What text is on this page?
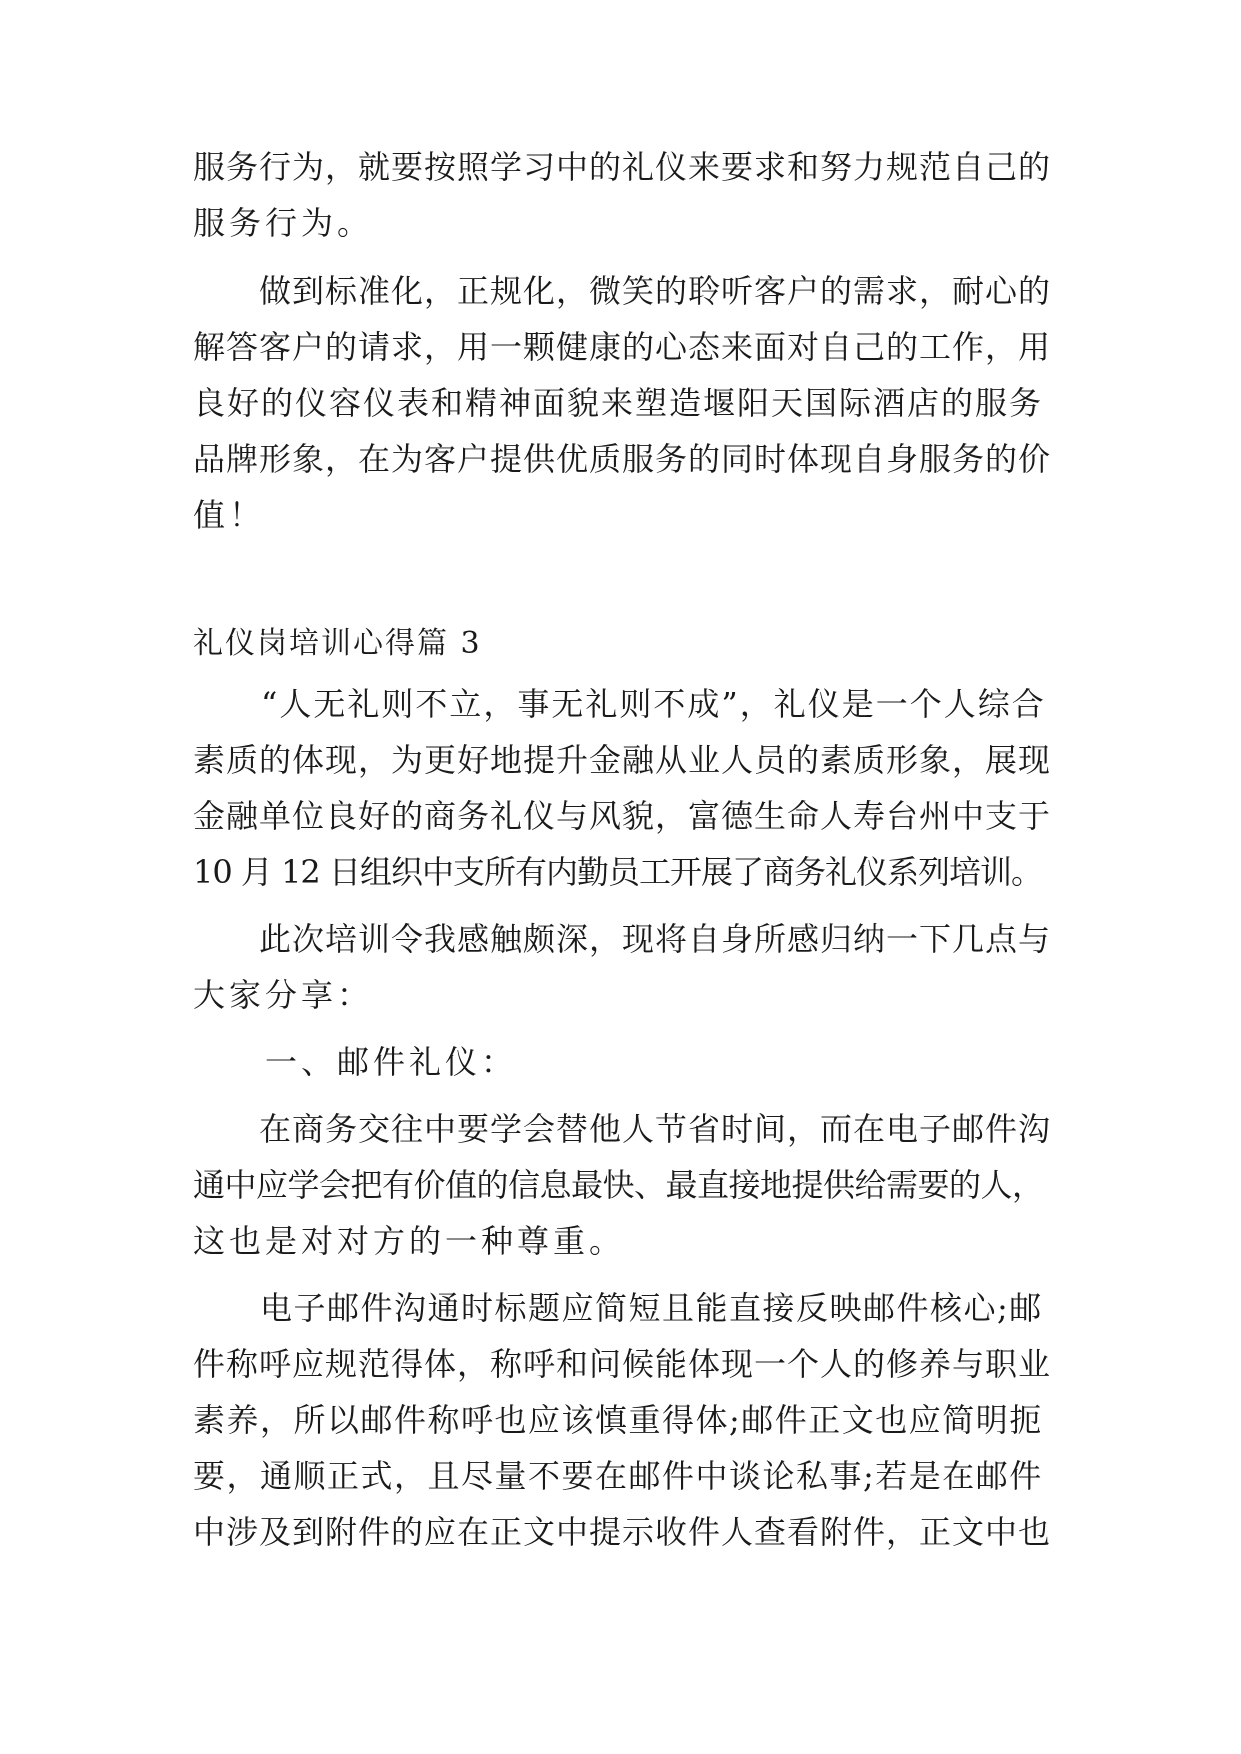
服务行为，就要按照学习中的礼仪来要求和努力规范自己的
服务行为。
　　做到标准化，正规化，微笑的聆听客户的需求，耐心的
解答客户的请求，用一颗健康的心态来面对自己的工作，用
良好的仪容仪表和精神面貌来塑造堰阳天国际酒店的服务
品牌形象，在为客户提供优质服务的同时体现自身服务的价
值！
礼仪岗培训心得篇 3
　　“人无礼则不立，事无礼则不成”，礼仪是一个人综合
素质的体现，为更好地提升金融从业人员的素质形象，展现
金融单位良好的商务礼仪与风貌，富德生命人寿台州中支于
10 月 12 日组织中支所有内勤员工开展了商务礼仪系列培训。
　　此次培训令我感触颇深，现将自身所感归纳一下几点与
大家分享：
　　一、邮件礼仪：
　　在商务交往中要学会替他人节省时间，而在电子邮件沟
通中应学会把有价值的信息最快、最直接地提供给需要的人，
这也是对对方的一种尊重。
　　电子邮件沟通时标题应简短且能直接反映邮件核心;邮
件称呼应规范得体，称呼和问候能体现一个人的修养与职业
素养，所以邮件称呼也应该慎重得体;邮件正文也应简明扼
要，通顺正式，且尽量不要在邮件中谈论私事;若是在邮件
中涉及到附件的应在正文中提示收件人查看附件，正文中也
